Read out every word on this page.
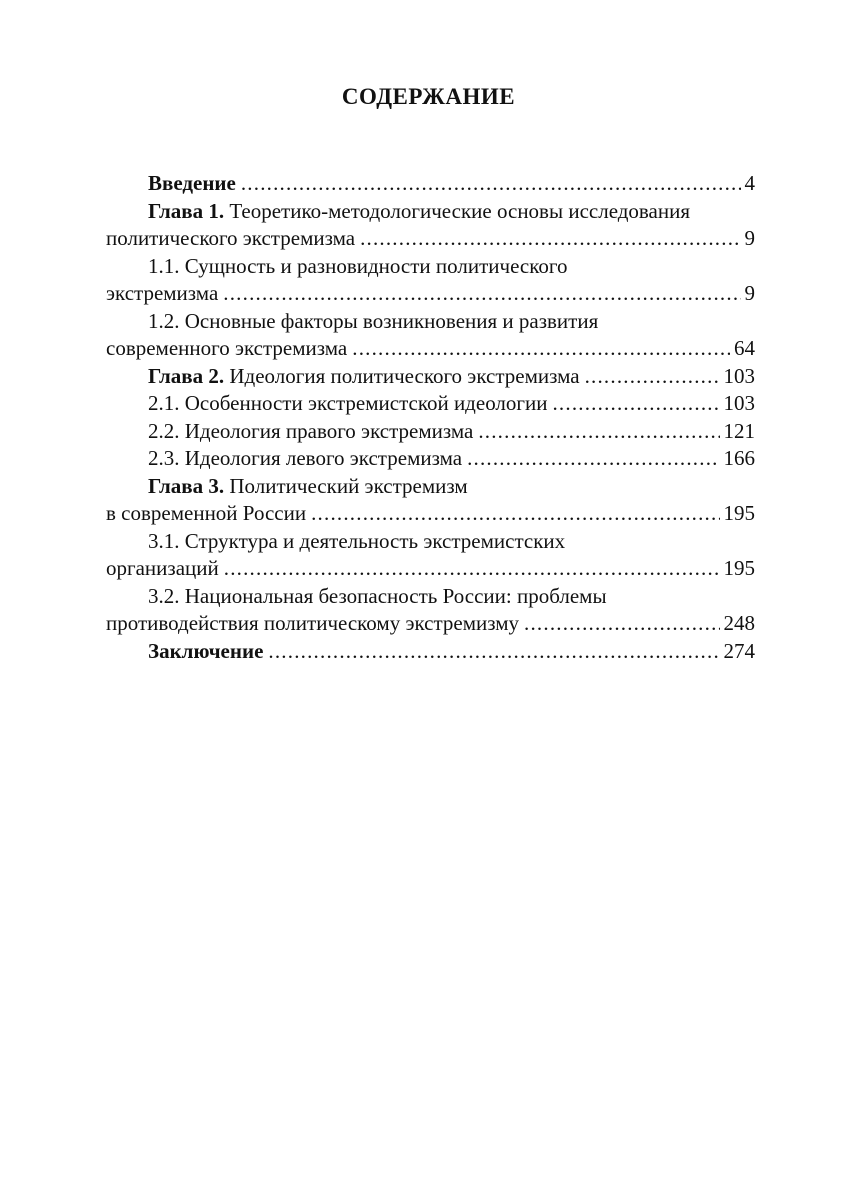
СОДЕРЖАНИЕ
Введение .....	4
Глава 1. Теоретико-методологические основы исследования
политического экстремизма .....	9
1.1. Сущность и разновидности политического
экстремизма .....	9
1.2. Основные факторы возникновения и развития
современного экстремизма .....	64
Глава 2. Идеология политического экстремизма .....	103
2.1. Особенности экстремистской идеологии .....	103
2.2. Идеология правого экстремизма .....	121
2.3. Идеология левого экстремизма .....	166
Глава 3. Политический экстремизм
в современной России .....	195
3.1. Структура и деятельность экстремистских
организаций .....	195
3.2. Национальная безопасность России: проблемы
противодействия политическому экстремизму .....	248
Заключение .....	274
